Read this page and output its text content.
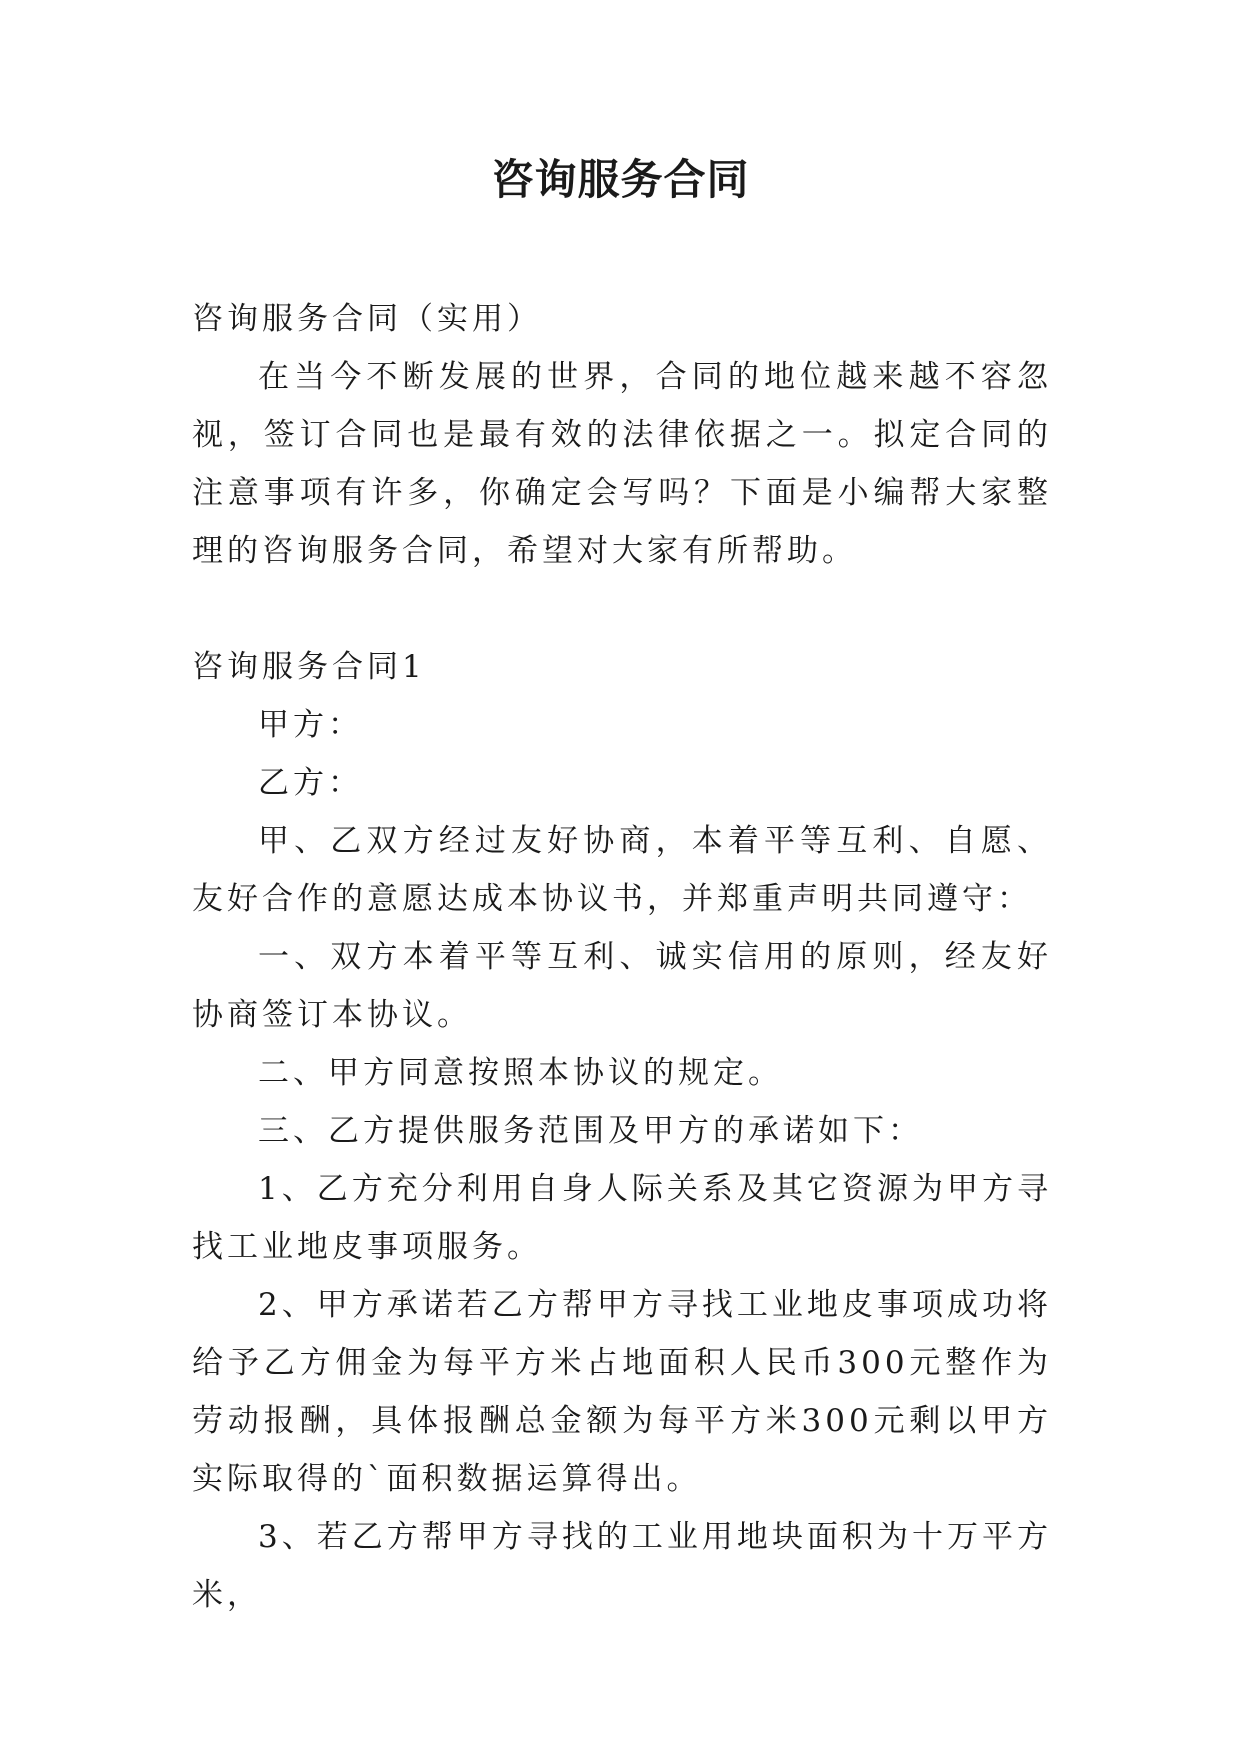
咨询服务合同

咨询服务合同（实用）

在当今不断发展的世界，合同的地位越来越不容忽视，签订合同也是最有效的法律依据之一。拟定合同的注意事项有许多，你确定会写吗？下面是小编帮大家整理的咨询服务合同，希望对大家有所帮助。

咨询服务合同1

甲方：

乙方：

甲、乙双方经过友好协商，本着平等互利、自愿、友好合作的意愿达成本协议书，并郑重声明共同遵守：

一、双方本着平等互利、诚实信用的原则，经友好协商签订本协议。

二、甲方同意按照本协议的规定。

三、乙方提供服务范围及甲方的承诺如下：

1、乙方充分利用自身人际关系及其它资源为甲方寻找工业地皮事项服务。

2、甲方承诺若乙方帮甲方寻找工业地皮事项成功将给予乙方佣金为每平方米占地面积人民币300元整作为劳动报酬，具体报酬总金额为每平方米300元剩以甲方实际取得的`面积数据运算得出。

3、若乙方帮甲方寻找的工业用地块面积为十万平方米，
